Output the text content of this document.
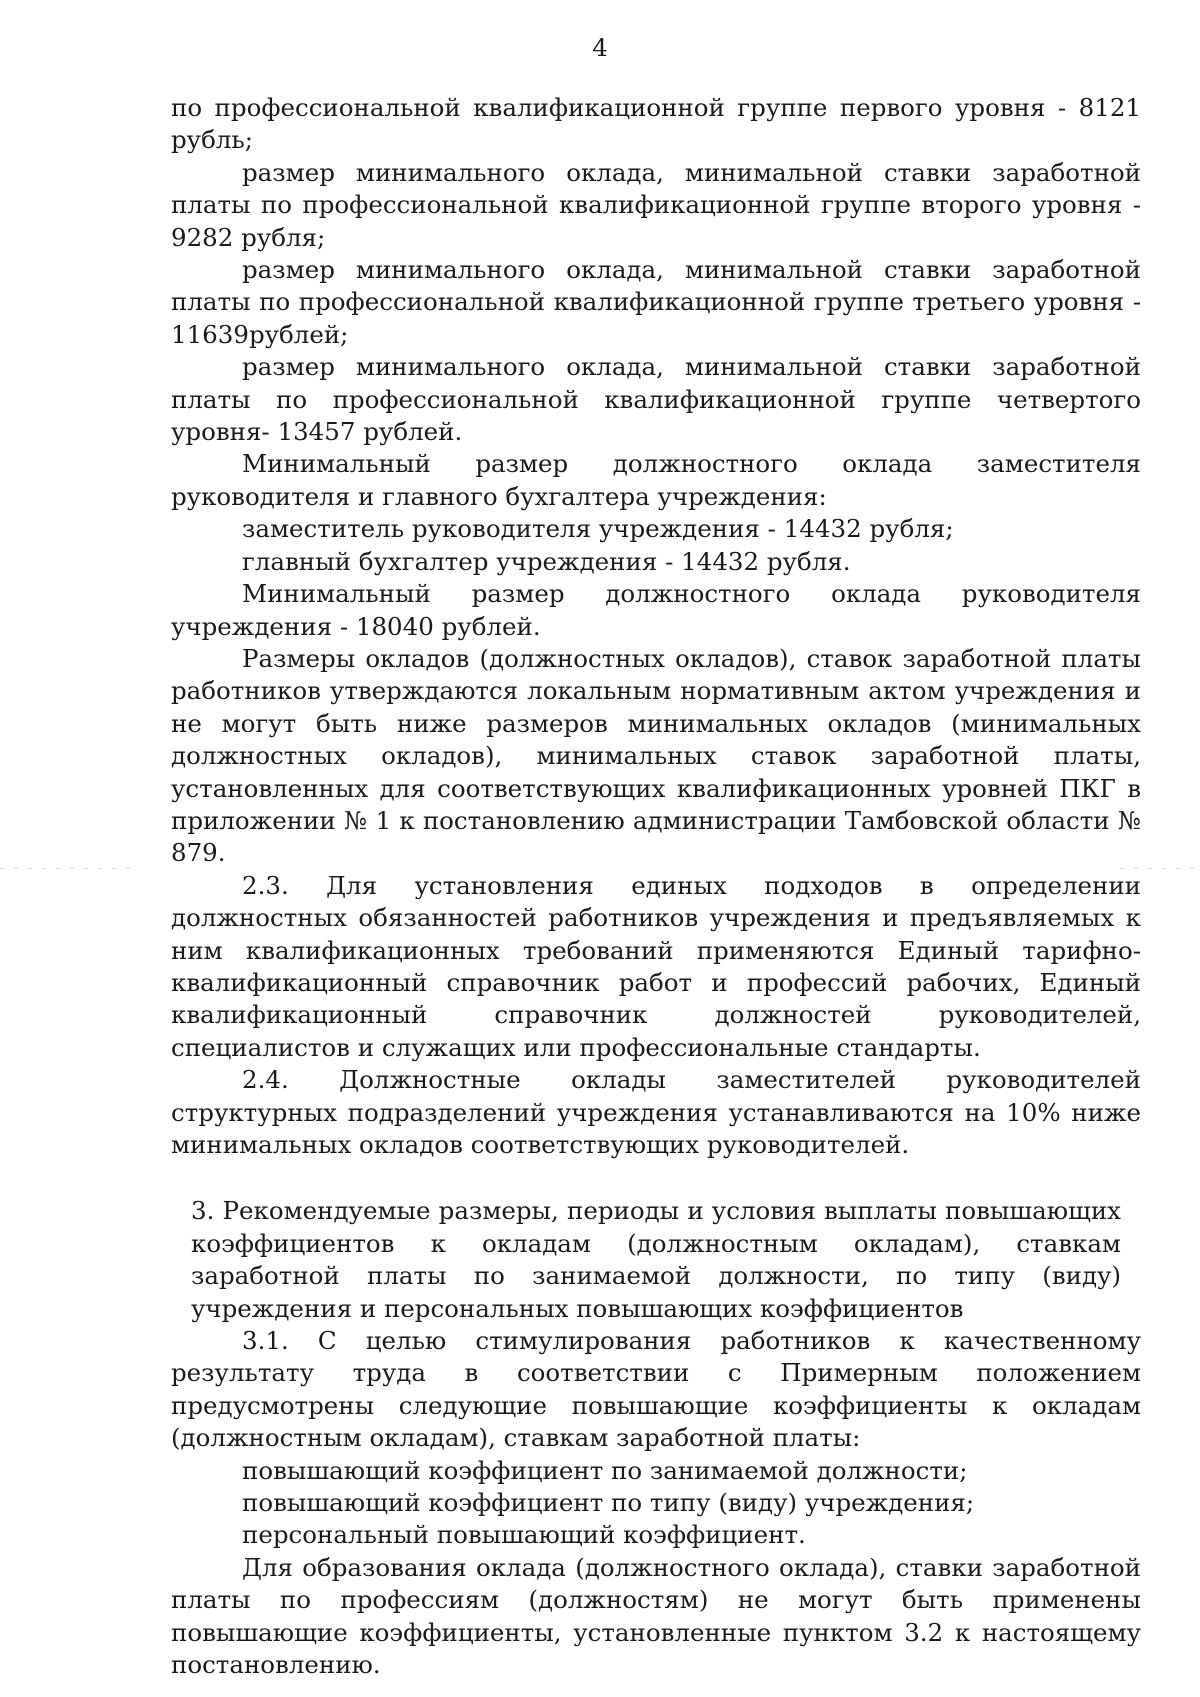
4

по профессиональной квалификационной группе первого уровня - 8121 рубль;

размер минимального оклада, минимальной ставки заработной платы по профессиональной квалификационной группе второго уровня - 9282 рубля;

размер минимального оклада, минимальной ставки заработной платы по профессиональной квалификационной группе третьего уровня - 11639рублей;

размер минимального оклада, минимальной ставки заработной платы по профессиональной квалификационной группе четвертого уровня- 13457 рублей.

Минимальный размер должностного оклада заместителя руководителя и главного бухгалтера учреждения:

заместитель руководителя учреждения - 14432 рубля;

главный бухгалтер учреждения - 14432 рубля.

Минимальный размер должностного оклада руководителя учреждения - 18040 рублей.

Размеры окладов (должностных окладов), ставок заработной платы работников утверждаются локальным нормативным актом учреждения и не могут быть ниже размеров минимальных окладов (минимальных должностных окладов), минимальных ставок заработной платы, установленных для соответствующих квалификационных уровней ПКГ в приложении № 1 к постановлению администрации Тамбовской области № 879.

2.3. Для установления единых подходов в определении должностных обязанностей работников учреждения и предъявляемых к ним квалификационных требований применяются Единый тарифно-квалификационный справочник работ и профессий рабочих, Единый квалификационный справочник должностей руководителей, специалистов и служащих или профессиональные стандарты.

2.4. Должностные оклады заместителей руководителей структурных подразделений учреждения устанавливаются на 10% ниже минимальных окладов соответствующих руководителей.

3. Рекомендуемые размеры, периоды и условия выплаты повышающих коэффициентов к окладам (должностным окладам), ставкам заработной платы по занимаемой должности, по типу (виду) учреждения и персональных повышающих коэффициентов

3.1. С целью стимулирования работников к качественному результату труда в соответствии с Примерным положением предусмотрены следующие повышающие коэффициенты к окладам (должностным окладам), ставкам заработной платы:

повышающий коэффициент по занимаемой должности;

повышающий коэффициент по типу (виду) учреждения;

персональный повышающий коэффициент.

Для образования оклада (должностного оклада), ставки заработной платы по профессиям (должностям) не могут быть применены повышающие коэффициенты, установленные пунктом 3.2 к настоящему постановлению.
